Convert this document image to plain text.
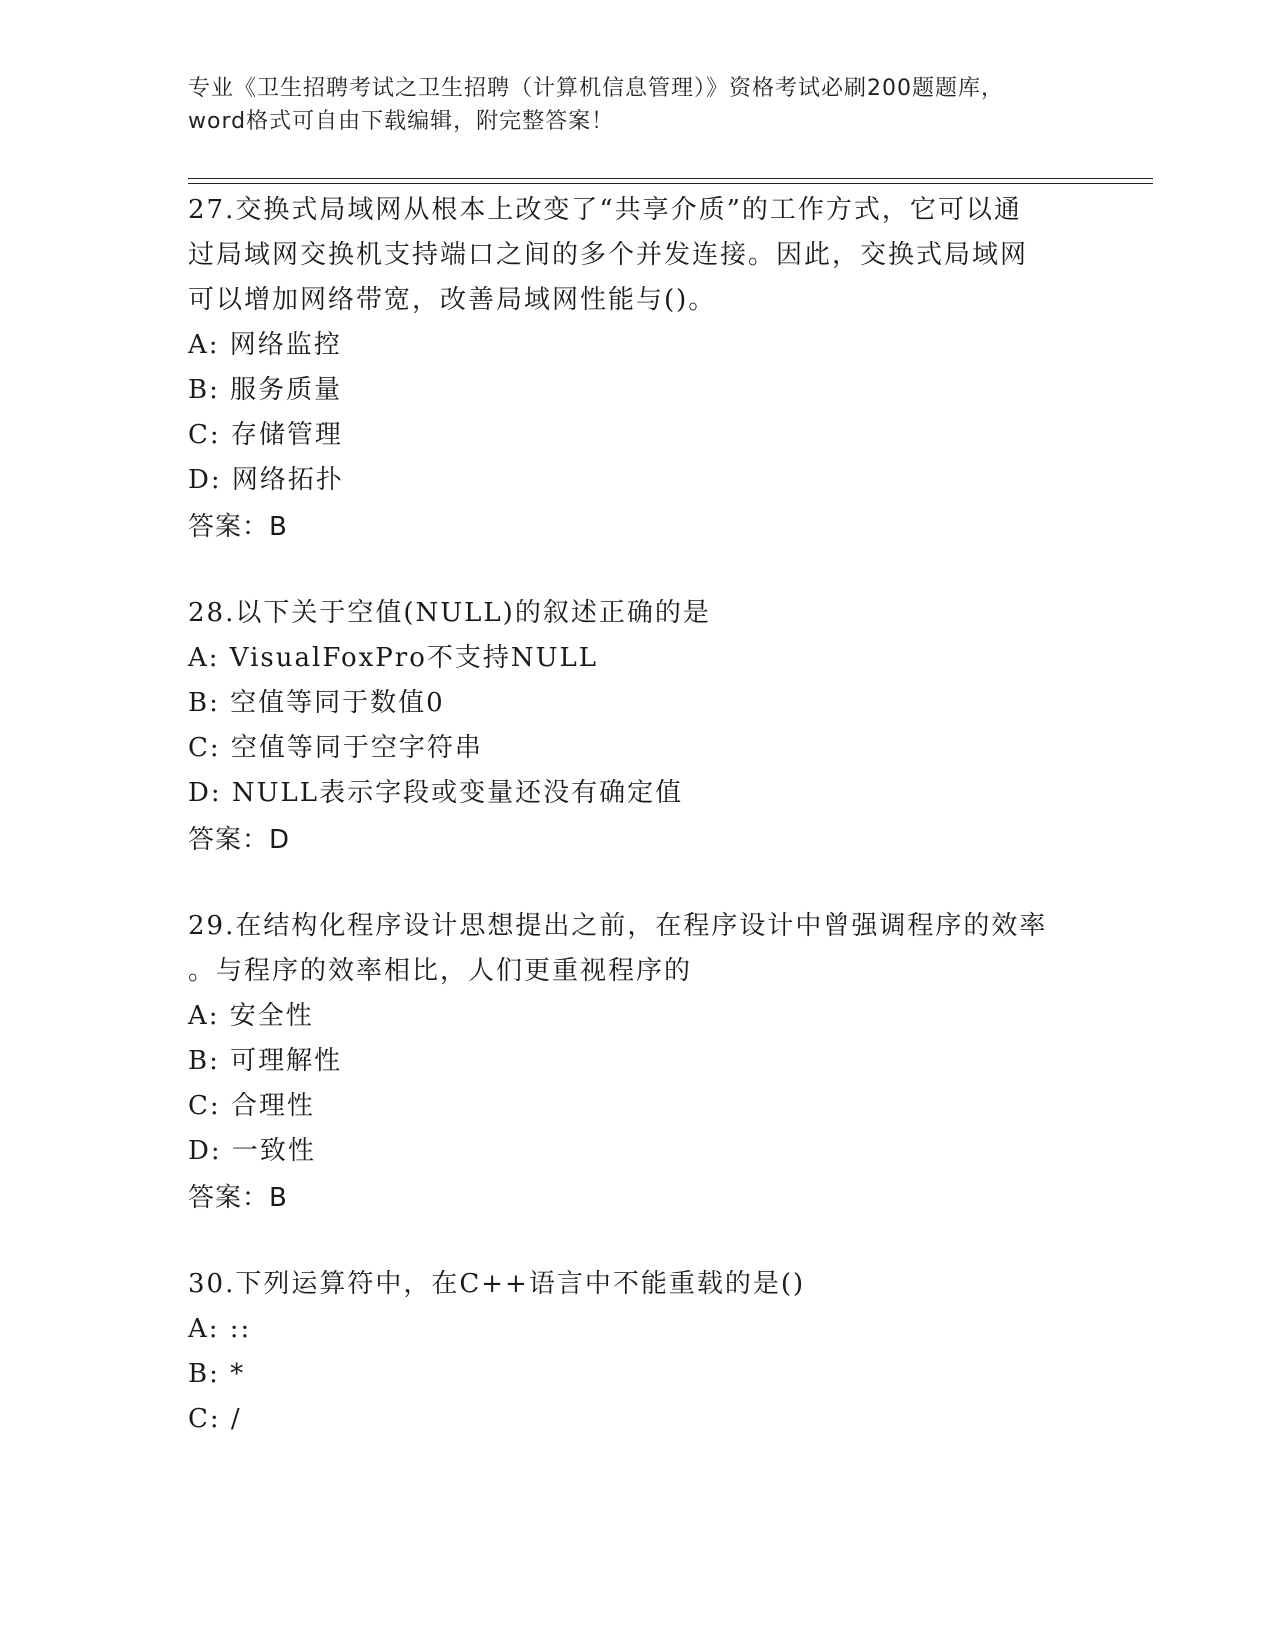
专业《卫生招聘考试之卫生招聘（计算机信息管理）》资格考试必刷200题题库，
word格式可自由下载编辑，附完整答案！

27.交换式局域网从根本上改变了“共享介质”的工作方式，它可以通

过局域网交换机支持端口之间的多个并发连接。因此，交换式局域网

可以增加网络带宽，改善局域网性能与()。

A: 网络监控

B: 服务质量

C: 存储管理

D: 网络拓扑

答案：B

28.以下关于空值(NULL)的叙述正确的是

A: VisualFoxPro不支持NULL

B: 空值等同于数值0

C: 空值等同于空字符串

D: NULL表示字段或变量还没有确定值

答案：D

29.在结构化程序设计思想提出之前，在程序设计中曾强调程序的效率

。与程序的效率相比，人们更重视程序的

A: 安全性

B: 可理解性

C: 合理性

D: 一致性

答案：B

30.下列运算符中，在C++语言中不能重载的是()

A: ::

B: *

C: /
